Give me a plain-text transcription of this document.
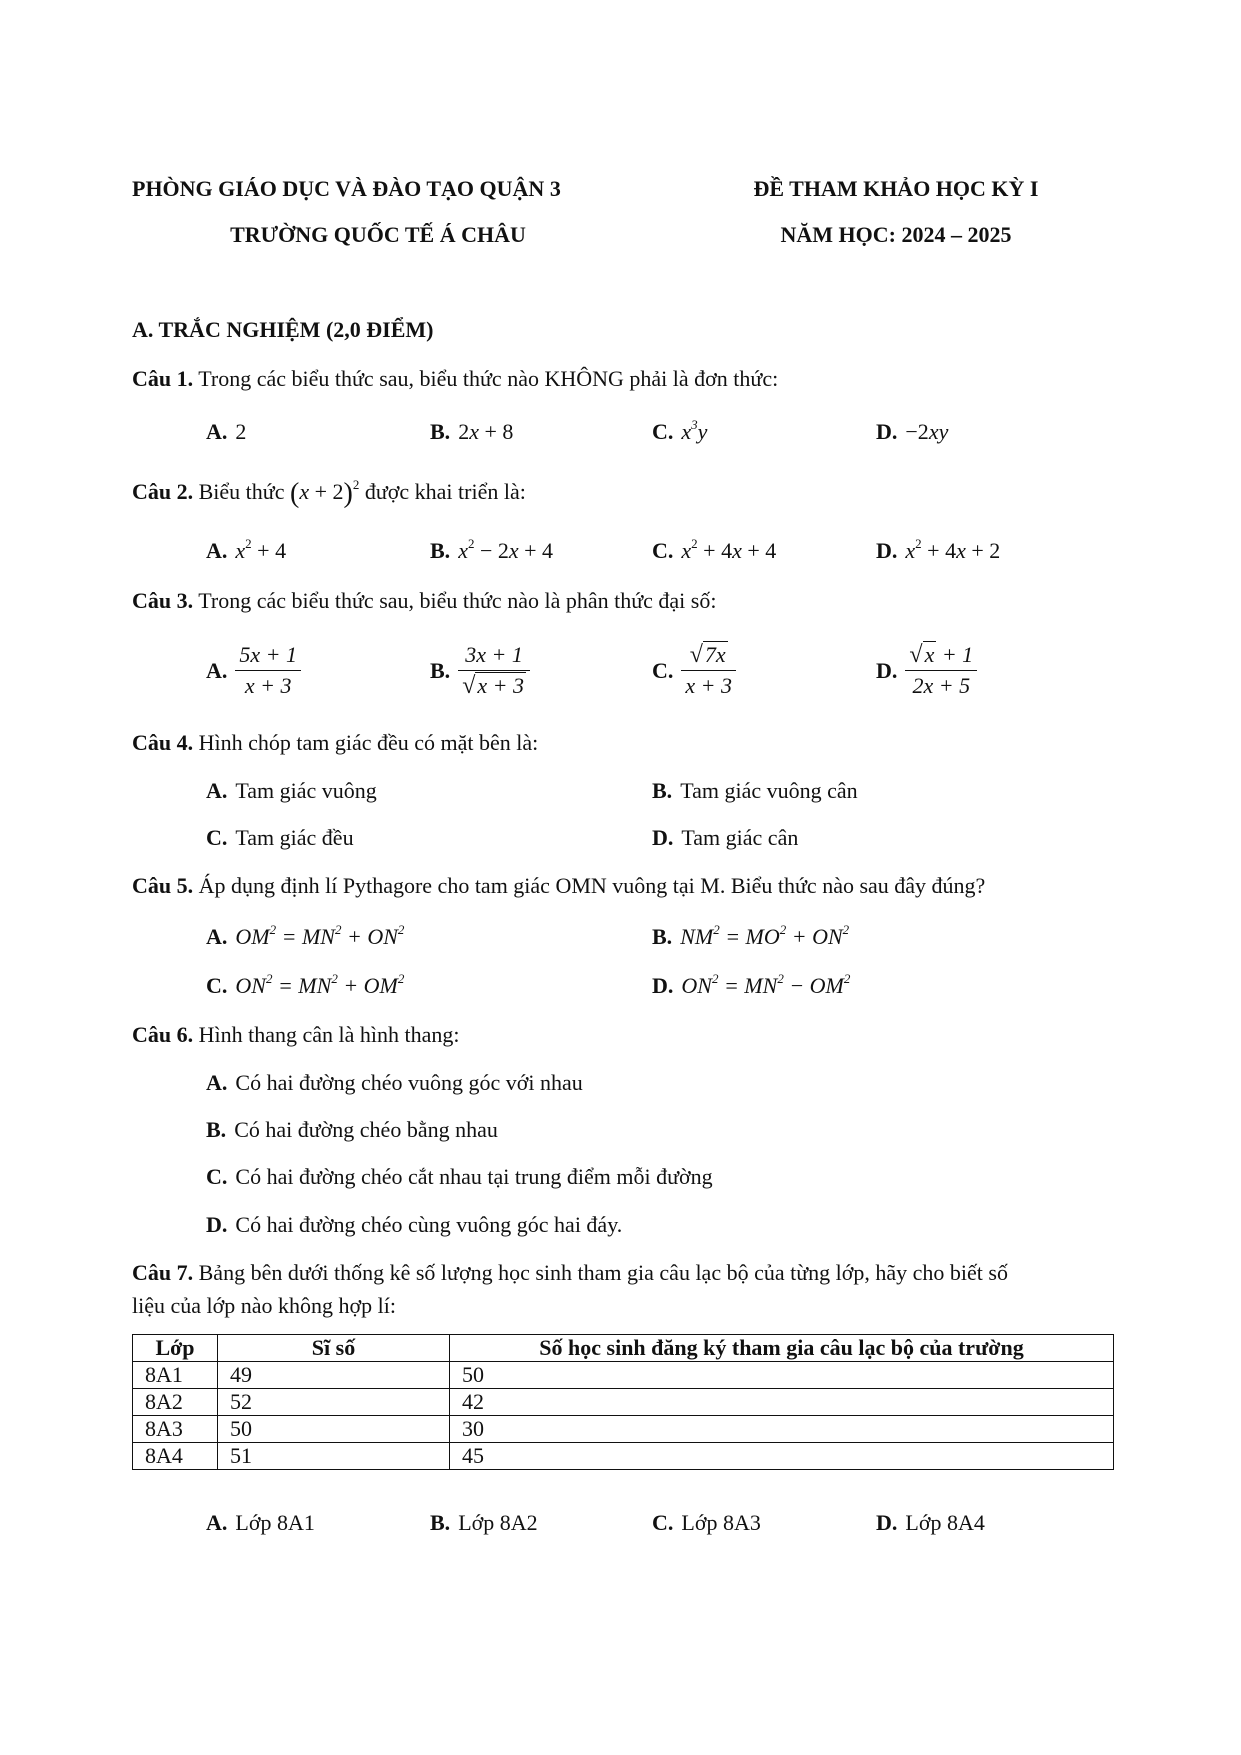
PHÒNG GIÁO DỤC VÀ ĐÀO TẠO QUẬN 3
TRƯỜNG QUỐC TẾ Á CHÂU
ĐỀ THAM KHẢO HỌC KỲ I
NĂM HỌC: 2024 – 2025
A. TRẮC NGHIỆM (2,0 ĐIỂM)
Câu 1. Trong các biểu thức sau, biểu thức nào KHÔNG phải là đơn thức:
A. 2	B. 2x + 8	C. $x^3y$	D. −2xy
Câu 2. Biểu thức $(x + 2)^2$ được khai triển là:
A. $x^2 + 4$	B. $x^2 - 2x + 4$	C. $x^2 + 4x + 4$	D. $x^2 + 4x + 2$
Câu 3. Trong các biểu thức sau, biểu thức nào là phân thức đại số:
A. $\frac{5x + 1}{x + 3}$	B. $\frac{3x + 1}{√x + 3}$	C. $\frac{√7x}{x + 3}$	D. $\frac{√x + 1}{2x + 5}$
Câu 4. Hình chóp tam giác đều có mặt bên là:
A. Tam giác vuông	B. Tam giác vuông cân
C. Tam giác đều	D. Tam giác cân
Câu 5. Áp dụng định lí Pythagore cho tam giác OMN vuông tại M. Biểu thức nào sau đây đúng?
A. $OM^2 = MN^2 + ON^2$	B. $NM^2 = MO^2 + ON^2$
C. $ON^2 = MN^2 + OM^2$	D. $ON^2 = MN^2 - OM^2$
Câu 6. Hình thang cân là hình thang:
A. Có hai đường chéo vuông góc với nhau
B. Có hai đường chéo bằng nhau
C. Có hai đường chéo cắt nhau tại trung điểm mỗi đường
D. Có hai đường chéo cùng vuông góc hai đáy.
Câu 7. Bảng bên dưới thống kê số lượng học sinh tham gia câu lạc bộ của từng lớp, hãy cho biết số
liệu của lớp nào không hợp lí:
Lớp	Sĩ số	Số học sinh đăng ký tham gia câu lạc bộ của trường
8A1	49	50
8A2	52	42
8A3	50	30
8A4	51	45
A. Lớp 8A1	B. Lớp 8A2	C. Lớp 8A3	D. Lớp 8A4
